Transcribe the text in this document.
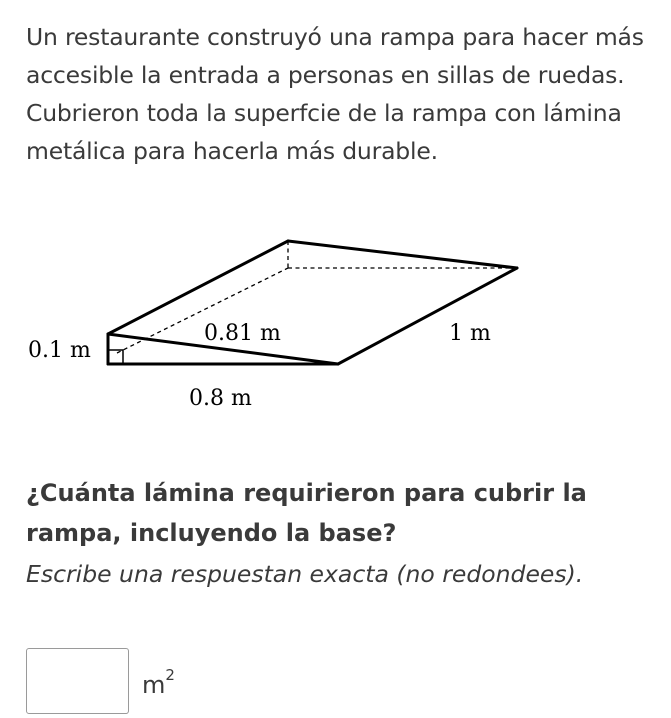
Un restaurante construyó una rampa para hacer más accesible la entrada a personas en sillas de ruedas. Cubrieron toda la superfcie de la rampa con lámina metálica para hacerla más durable.
0.1 m
0.81 m	1 m
0.8 m
¿Cuánta lámina requirieron para cubrir la rampa, incluyendo la base?
Escribe una respuestan exacta (no redondees).
$m^2$
